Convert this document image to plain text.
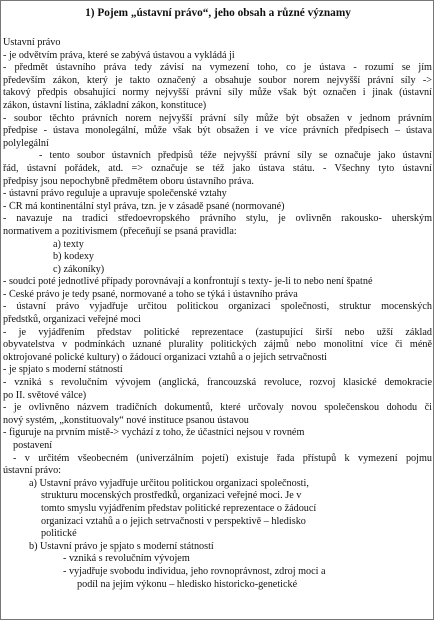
1) Pojem „ústavní právo“, jeho obsah a různé významy
Ústavní právo
- je odvětvím práva, které se zabývá ústavou a vykládá ji
- předmět ústavního práva tedy závisí na vymezení toho, co je ústava - rozumí se jím
především zákon, který je takto označený a obsahuje soubor norem nejvyšší právní síly ->
takový předpis obsahující normy nejvyšší právní síly může však být označen i jinak (ústavní
zákon, ústavní listina, základní zákon, konstituce)
- soubor těchto právních norem nejvyšší právní síly může být obsažen v jednom právním
předpise - ústava monolegální, může však být obsažen i ve více právních předpisech – ústava
polylegální
- tento soubor ústavních předpisů téže nejvyšší právní síly se označuje jako ústavní
řád, ústavní pořádek, atd. => označuje se též jako ústava státu. - Všechny tyto ústavní
předpisy jsou nepochybně předmětem oboru ústavního práva.
- ústavní právo reguluje a upravuje společenské vztahy
- ČR má kontinentální styl práva, tzn. je v zásadě psané (normované)
- navazuje na tradici středoevropského právního stylu, je ovlivněn rakousko- uherským
normativem a pozitivismem (přeceňují se psaná pravidla:
a) texty
b) kodexy
c) zákoníky)
- soudci poté jednotlivé případy porovnávají a konfrontují s texty- je-li to nebo není špatné
- České právo je tedy psané, normované a toho se týká i ústavního práva
- ústavní právo vyjadřuje určitou politickou organizaci společnosti, struktur mocenských
předstků, organizaci veřejné moci
- je vyjádřením představ politické reprezentace (zastupující širší nebo užší základ
obyvatelstva v podmínkách uznané plurality politických zájmů nebo monolitní více či méně
oktrojované polické kultury) o žádoucí organizaci vztahů a o jejich setrvačnosti
- je spjato s moderní státností
- vzniká s revolučním vývojem (anglická, francouzská revoluce, rozvoj klasické demokracie
po II. světové válce)
- je ovlivněno názvem tradičních dokumentů, které určovaly novou společenskou dohodu či
nový systém, „konstituovaly“ nové instituce psanou ústavou
- figuruje na prvním místě-> vychází z toho, že účastníci nejsou v rovném
postavení
- v určitém všeobecném (univerzálním pojetí) existuje řada přístupů k vymezení pojmu
ústavní právo:
a) Ústavní právo vyjadřuje určitou politickou organizaci společnosti,
strukturu mocenských prostředků, organizaci veřejné moci. Je v
tomto smyslu vyjádřením představ politické reprezentace o žádoucí
organizaci vztahů a o jejich setrvačnosti v perspektivě – hledisko
politické
b) Ústavní právo je spjato s moderní státností
- vzniká s revolučním vývojem
- vyjadřuje svobodu individua, jeho rovnoprávnost, zdroj moci a
podíl na jejím výkonu – hledisko historicko-genetické
